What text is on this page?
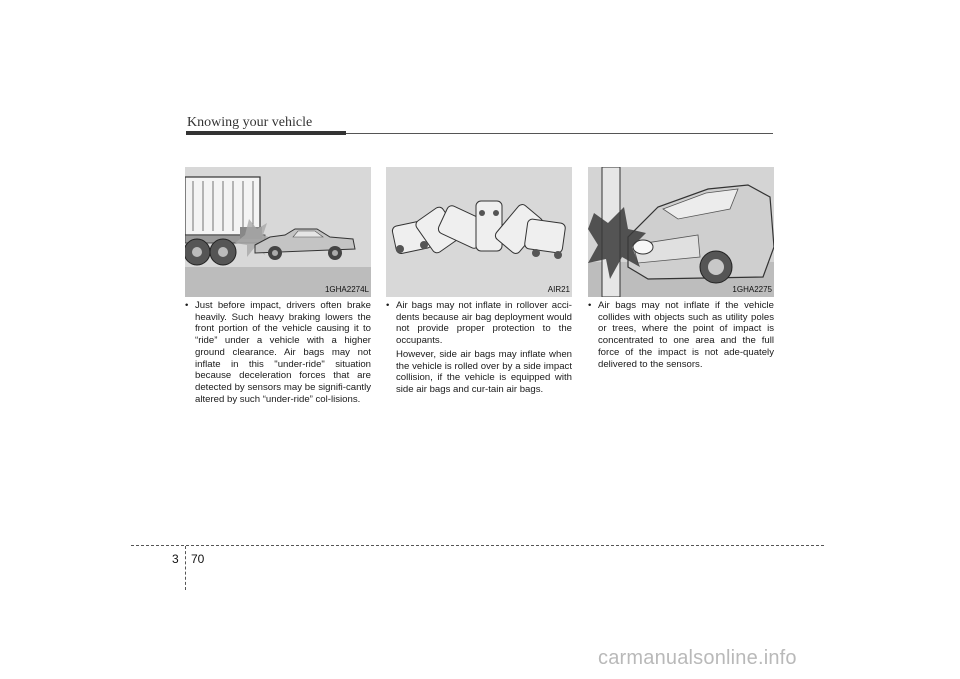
Knowing your vehicle
1GHA2274L	AIR21	1GHA2275
• Just before impact, drivers often brake heavily. Such heavy braking lowers the front portion of the vehicle causing it to “ride” under a vehicle with a higher ground clearance. Air bags may not inflate in this "under-ride" situation because deceleration forces that are detected by sensors may be signifi-cantly altered by such “under-ride” col-lisions.
• Air bags may not inflate in rollover acci-dents because air bag deployment would not provide proper protection to the occupants.
However, side air bags may inflate when the vehicle is rolled over by a side impact collision, if the vehicle is equipped with side air bags and cur-tain air bags.
• Air bags may not inflate if the vehicle collides with objects such as utility poles or trees, where the point of impact is concentrated to one area and the full force of the impact is not ade-quately delivered to the sensors.
3 70
carmanualsonline.info
